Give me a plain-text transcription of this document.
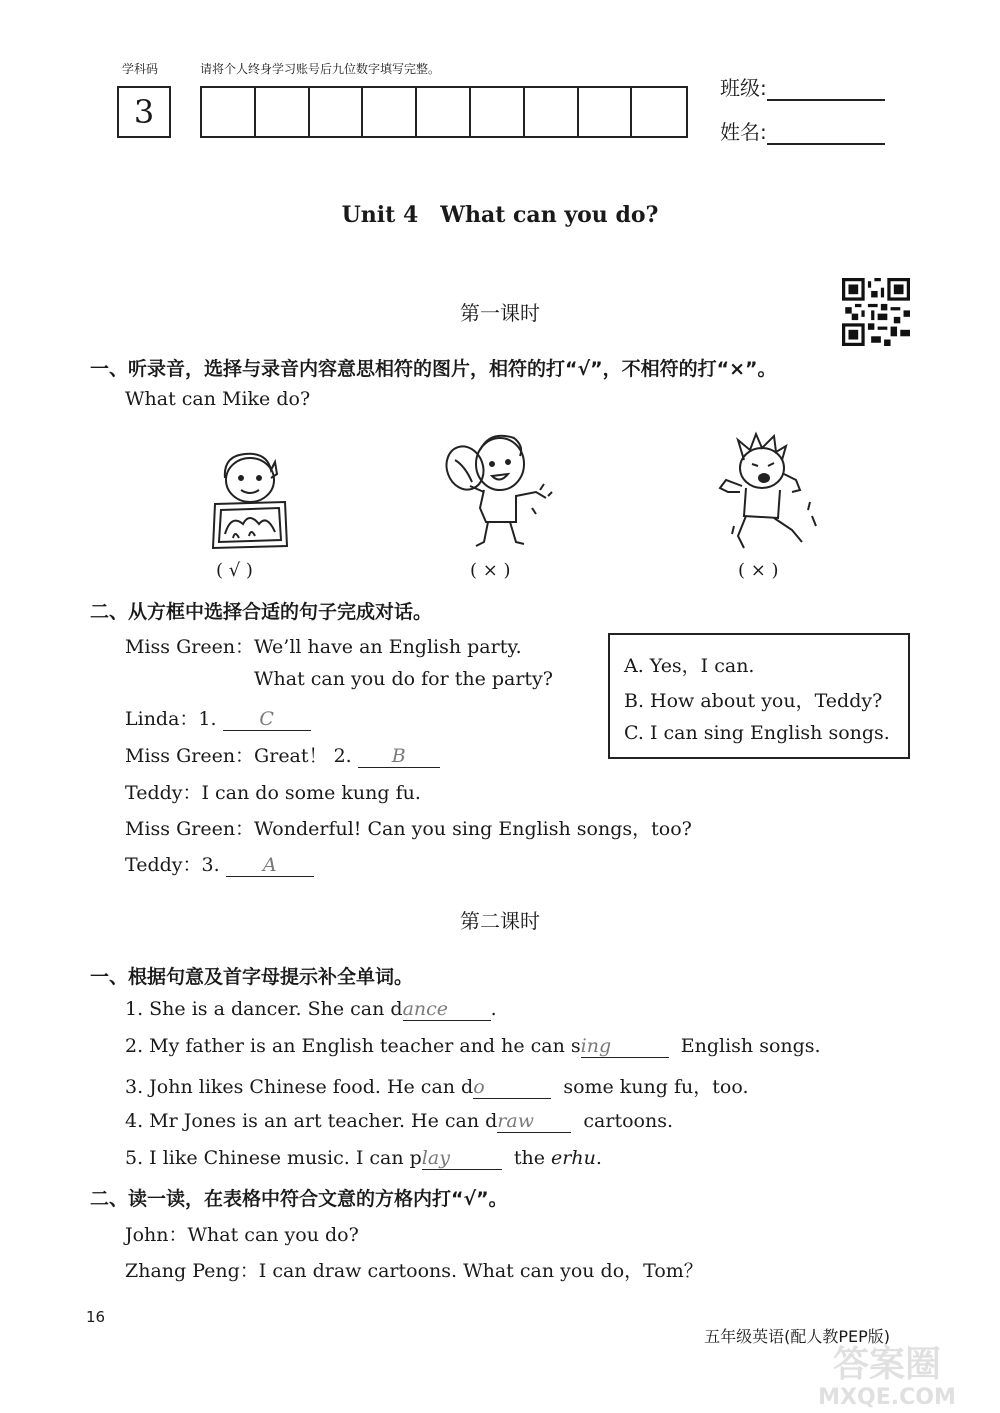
学科码	请将个人终身学习账号后九位数字填写完整。
3
班级:
姓名:
Unit 4　What can you do?
第一课时
一、听录音，选择与录音内容意思相符的图片，相符的打“√”，不相符的打“×”。
What can Mike do?
( √ )	( × )	( × )
二、从方框中选择合适的句子完成对话。
Miss Green：We’ll have an English party.
What can you do for the party?
Linda：1. C
Miss Green：Great！ 2. B
Teddy：I can do some kung fu.
Miss Green：Wonderful! Can you sing English songs，too?
Teddy：3. A
A. Yes，I can.
B. How about you，Teddy?
C. I can sing English songs.
第二课时
一、根据句意及首字母提示补全单词。
1. She is a dancer. She can dance .
2. My father is an English teacher and he can sing	English songs.
3. John likes Chinese food. He can do	some kung fu，too.
4. Mr Jones is an art teacher. He can draw	cartoons.
5. I like Chinese music. I can play	the erhu.
二、读一读，在表格中符合文意的方格内打“√”。
John：What can you do?
Zhang Peng：I can draw cartoons. What can you do，Tom？
16
五年级英语(配人教PEP版)
答案圈
MXQE.COM
